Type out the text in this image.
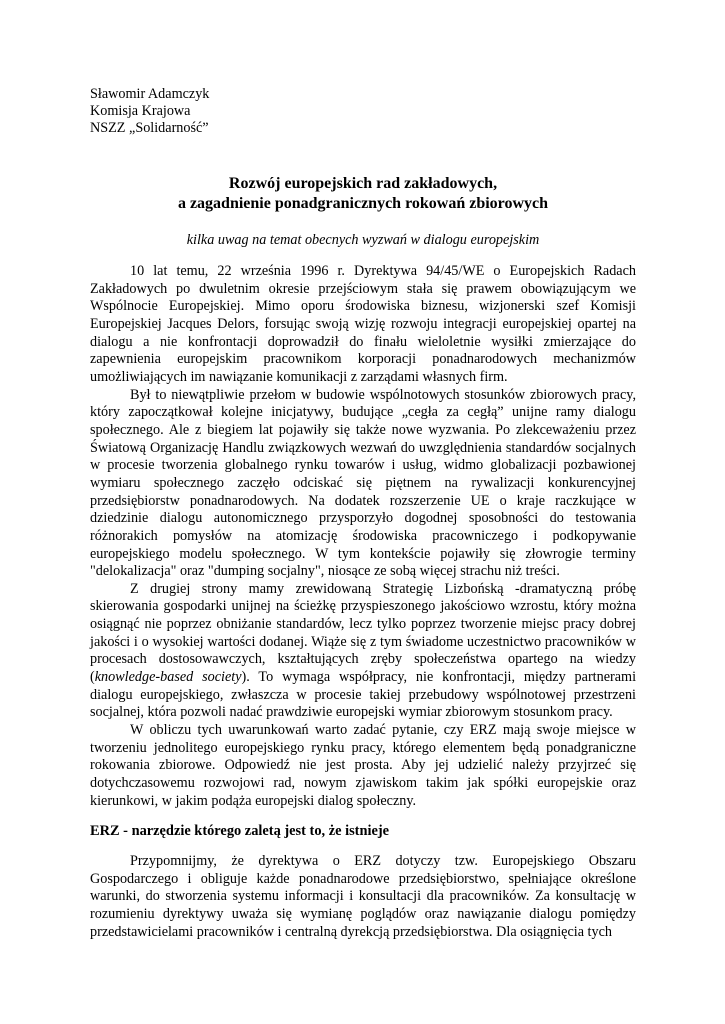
Sławomir Adamczyk
Komisja Krajowa
NSZZ „Solidarność”
Rozwój europejskich rad zakładowych,
a zagadnienie ponadgranicznych rokowań zbiorowych
kilka uwag na temat obecnych wyzwań w dialogu europejskim

10 lat temu, 22 września 1996 r. Dyrektywa 94/45/WE o Europejskich Radach Zakładowych po dwuletnim okresie przejściowym stała się prawem obowiązującym we Wspólnocie Europejskiej. Mimo oporu środowiska biznesu, wizjonerski szef Komisji Europejskiej Jacques Delors, forsując swoją wizję rozwoju integracji europejskiej opartej na dialogu a nie konfrontacji doprowadził do finału wieloletnie wysiłki zmierzające do zapewnienia europejskim pracownikom korporacji ponadnarodowych mechanizmów umożliwiających im nawiązanie komunikacji z zarządami własnych firm.

Był to niewątpliwie przełom w budowie wspólnotowych stosunków zbiorowych pracy, który zapoczątkował kolejne inicjatywy, budujące „cegła za cegłą” unijne ramy dialogu społecznego. Ale z biegiem lat pojawiły się także nowe wyzwania. Po zlekceważeniu przez Światową Organizację Handlu związkowych wezwań do uwzględnienia standardów socjalnych w procesie tworzenia globalnego rynku towarów i usług, widmo globalizacji pozbawionej wymiaru społecznego zaczęło odciskać się piętnem na rywalizacji konkurencyjnej przedsiębiorstw ponadnarodowych. Na dodatek rozszerzenie UE o kraje raczkujące w dziedzinie dialogu autonomicznego przysporzyło dogodnej sposobności do testowania różnorakich pomysłów na atomizację środowiska pracowniczego i podkopywanie europejskiego modelu społecznego. W tym kontekście pojawiły się złowrogie terminy "delokalizacja" oraz "dumping socjalny", niosące ze sobą więcej strachu niż treści.

Z drugiej strony mamy zrewidowaną Strategię Lizbońską -dramatyczną próbę skierowania gospodarki unijnej na ścieżkę przyspieszonego jakościowo wzrostu, który można osiągnąć nie poprzez obniżanie standardów, lecz tylko poprzez tworzenie miejsc pracy dobrej jakości i o wysokiej wartości dodanej. Wiąże się z tym świadome uczestnictwo pracowników w procesach dostosowawczych, kształtujących zręby społeczeństwa opartego na wiedzy (knowledge-based society). To wymaga współpracy, nie konfrontacji, między partnerami dialogu europejskiego, zwłaszcza w procesie takiej przebudowy wspólnotowej przestrzeni socjalnej, która pozwoli nadać prawdziwie europejski wymiar zbiorowym stosunkom pracy.

W obliczu tych uwarunkowań warto zadać pytanie, czy ERZ mają swoje miejsce w tworzeniu jednolitego europejskiego rynku pracy, którego elementem będą ponadgraniczne rokowania zbiorowe. Odpowiedź nie jest prosta. Aby jej udzielić należy przyjrzeć się dotychczasowemu rozwojowi rad, nowym zjawiskom takim jak spółki europejskie oraz kierunkowi, w jakim podąża europejski dialog społeczny.

ERZ - narzędzie którego zaletą jest to, że istnieje

Przypomnijmy, że dyrektywa o ERZ dotyczy tzw. Europejskiego Obszaru Gospodarczego i obliguje każde ponadnarodowe przedsiębiorstwo, spełniające określone warunki, do stworzenia systemu informacji i konsultacji dla pracowników. Za konsultację w rozumieniu dyrektywy uważa się wymianę poglądów oraz nawiązanie dialogu pomiędzy przedstawicielami pracowników i centralną dyrekcją przedsiębiorstwa. Dla osiągnięcia tych
